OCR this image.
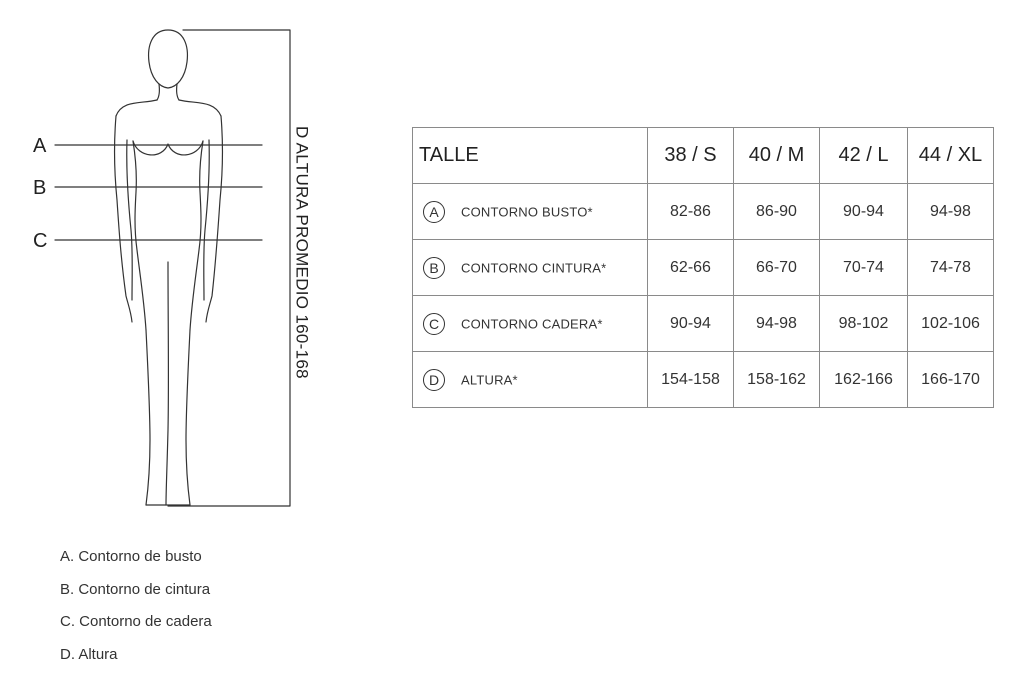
A
B
C	D ALTURA PROMEDIO 160-168	TALLE	38 / S	40 / M	42 / L	44 / XL
A CONTORNO BUSTO*	82-86	86-90	90-94	94-98
B CONTORNO CINTURA*	62-66	66-70	70-74	74-78
C CONTORNO CADERA*	90-94	94-98	98-102	102-106
D ALTURA*	154-158	158-162	162-166	166-170
A. Contorno de busto
B. Contorno de cintura
C. Contorno de cadera
D. Altura
